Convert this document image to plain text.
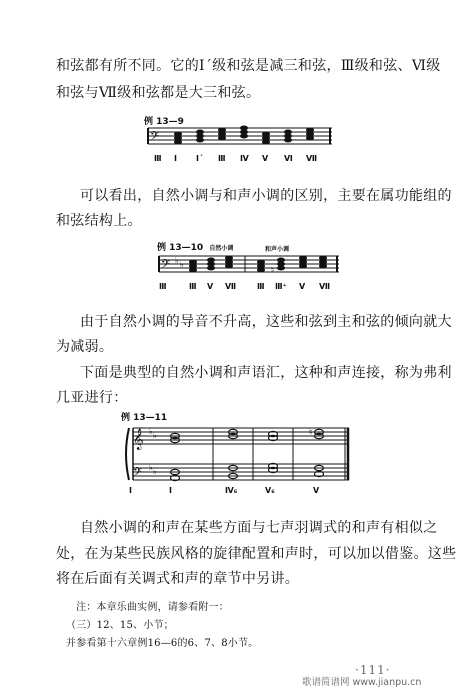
和弦都有所不同。它的Ⅰ´级和弦是减三和弦，Ⅲ级和弦、Ⅵ级
和弦与Ⅶ级和弦都是大三和弦。
𝄢
例 13—9
Ⅲ Ⅰ Ⅰ´ Ⅲ Ⅳ Ⅴ Ⅵ Ⅶ
可以看出，自然小调与和声小调的区别，主要在属功能组的
和弦结构上。
𝄢 ♭ ♭
♮
例 13—10 自然小调	和声小调
Ⅲ	Ⅲ Ⅴ Ⅶ	Ⅲ Ⅲ⁺ Ⅴ Ⅶ
由于自然小调的导音不升高，这些和弦到主和弦的倾向就大
为减弱。
下面是典型的自然小调和声语汇，这种和声连接，称为弗利
几亚进行：
𝄞
𝄢
♭ ♭
♭ ♭
♮
例 13—11
Ⅰ	Ⅰ	Ⅳ₆	Ⅴ₆	Ⅴ
自然小调的和声在某些方面与七声羽调式的和声有相似之
处，在为某些民族风格的旋律配置和声时，可以加以借鉴。这些
将在后面有关调式和声的章节中另讲。
注：本章乐曲实例，请参看附一：
（三）12、15、小节；
并参看第十六章例16—6的6、7、8小节。
·111·
歌谱简谱网 www.jianpu.cn
